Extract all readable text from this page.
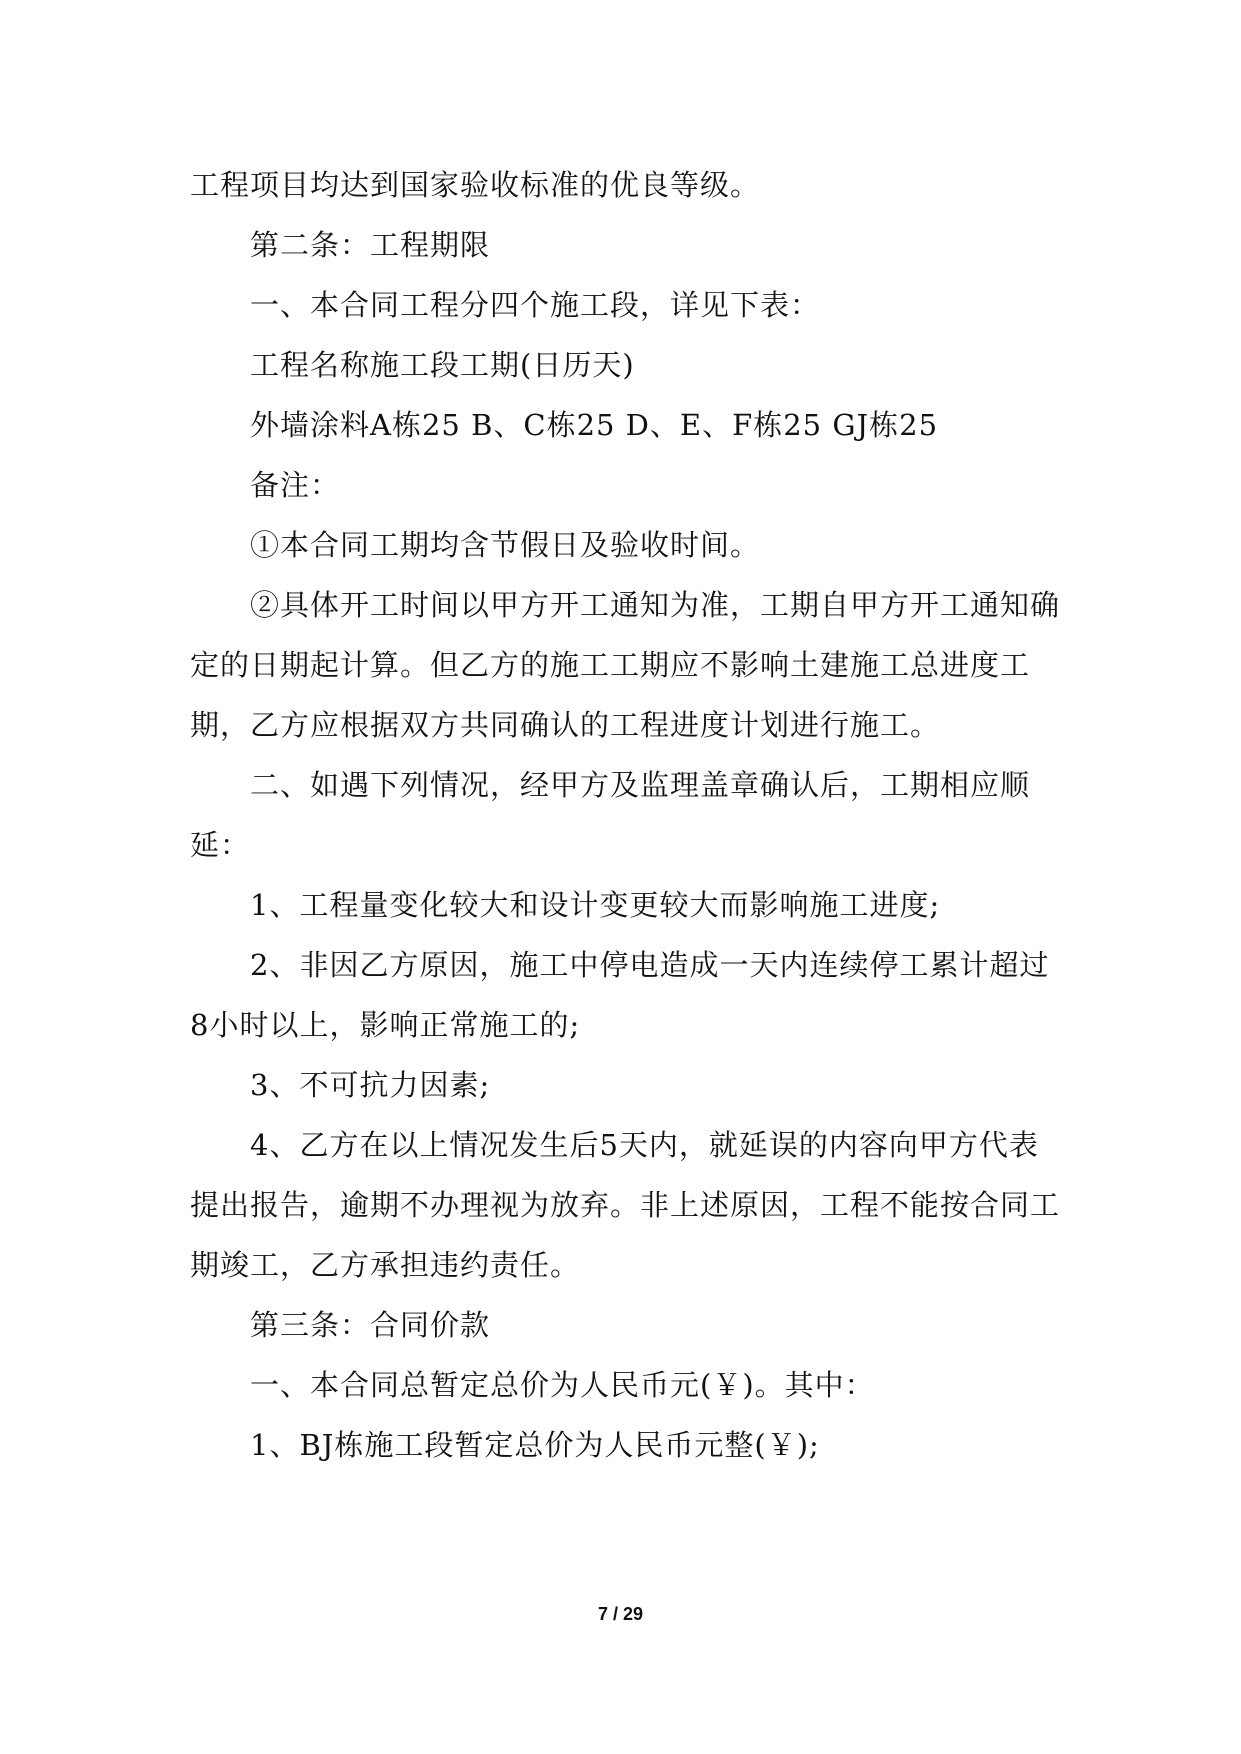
工程项目均达到国家验收标准的优良等级。

第二条：工程期限

一、本合同工程分四个施工段，详见下表：

工程名称施工段工期(日历天)

外墙涂料A栋25 B、C栋25 D、E、F栋25 GJ栋25

备注：

①本合同工期均含节假日及验收时间。

②具体开工时间以甲方开工通知为准，工期自甲方开工通知确定的日期起计算。但乙方的施工工期应不影响土建施工总进度工期，乙方应根据双方共同确认的工程进度计划进行施工。

二、如遇下列情况，经甲方及监理盖章确认后，工期相应顺延：

1、工程量变化较大和设计变更较大而影响施工进度;

2、非因乙方原因，施工中停电造成一天内连续停工累计超过8小时以上，影响正常施工的;

3、不可抗力因素;

4、乙方在以上情况发生后5天内，就延误的内容向甲方代表提出报告，逾期不办理视为放弃。非上述原因，工程不能按合同工期竣工，乙方承担违约责任。

第三条：合同价款

一、本合同总暂定总价为人民币元(￥)。其中：

1、BJ栋施工段暂定总价为人民币元整(￥);

7 / 29
